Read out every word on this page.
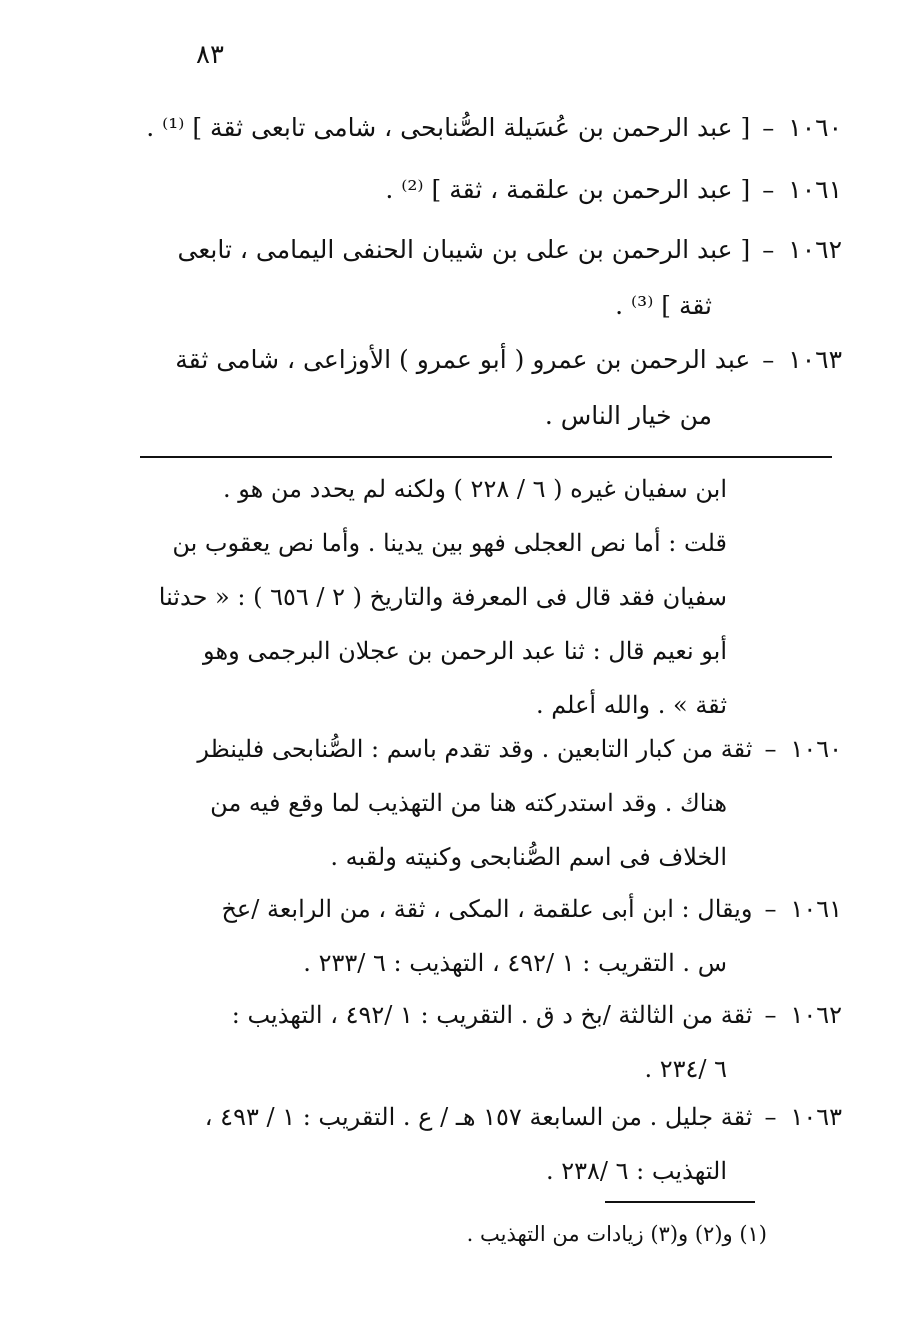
٨٣
١٠٦٠–[ عبد الرحمن بن عُسَيلة الصُّنابحى ، شامى تابعى ثقة ] ⁽¹⁾ .
١٠٦١–[ عبد الرحمن بن علقمة ، ثقة ] ⁽²⁾ .
١٠٦٢–[ عبد الرحمن بن على بن شيبان الحنفى اليمامى ، تابعى
ثقة ] ⁽³⁾ .
١٠٦٣–عبد الرحمن بن عمرو ( أبو عمرو ) الأوزاعى ، شامى ثقة
من خيار الناس .
ابن سفيان غيره ( ٦ / ٢٢٨ ) ولكنه لم يحدد من هو .
قلت : أما نص العجلى فهو بين يدينا . وأما نص يعقوب بن
سفيان فقد قال فى المعرفة والتاريخ ( ٢ / ٦٥٦ ) : « حدثنا
أبو نعيم قال : ثنا عبد الرحمن بن عجلان البرجمى وهو
ثقة » . والله أعلم .
١٠٦٠–ثقة من كبار التابعين . وقد تقدم باسم : الصُّنابحى فلينظر
هناك . وقد استدركته هنا من التهذيب لما وقع فيه من
الخلاف فى اسم الصُّنابحى وكنيته ولقبه .
١٠٦١–ويقال : ابن أبى علقمة ، المكى ، ثقة ، من الرابعة /عخ
س . التقريب : ١ /٤٩٢ ، التهذيب : ٦ /٢٣٣ .
١٠٦٢–ثقة من الثالثة /بخ د ق . التقريب : ١ /٤٩٢ ، التهذيب :
٦ /٢٣٤ .
١٠٦٣–ثقة جليل . من السابعة ١٥٧ هـ / ع . التقريب : ١ / ٤٩٣ ،
التهذيب : ٦ /٢٣٨ .
(١) و(٢) و(٣) زيادات من التهذيب .
